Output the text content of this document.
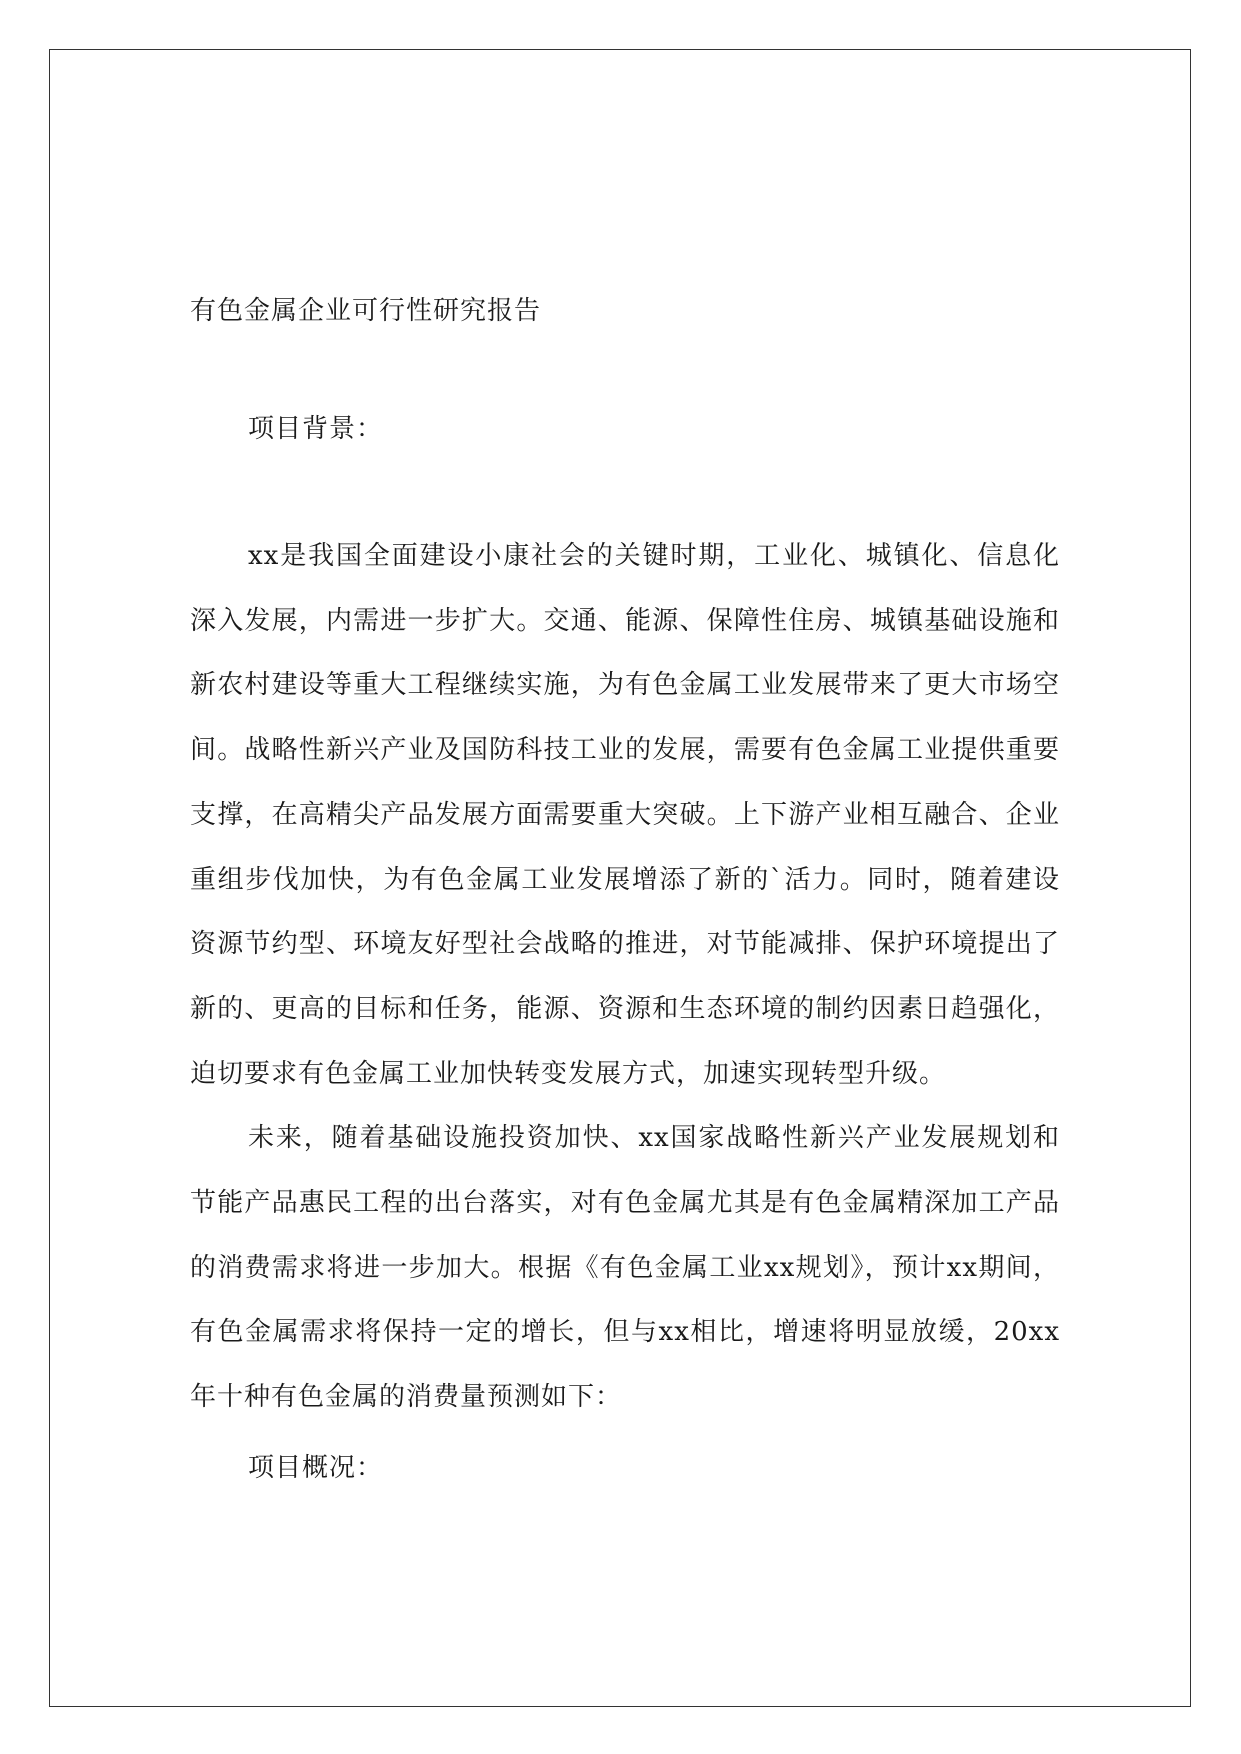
有色金属企业可行性研究报告
项目背景：

xx是我国全面建设小康社会的关键时期，工业化、城镇化、信息化深入发展，内需进一步扩大。交通、能源、保障性住房、城镇基础设施和新农村建设等重大工程继续实施，为有色金属工业发展带来了更大市场空间。战略性新兴产业及国防科技工业的发展，需要有色金属工业提供重要支撑，在高精尖产品发展方面需要重大突破。上下游产业相互融合、企业重组步伐加快，为有色金属工业发展增添了新的`活力。同时，随着建设资源节约型、环境友好型社会战略的推进，对节能减排、保护环境提出了新的、更高的目标和任务，能源、资源和生态环境的制约因素日趋强化，迫切要求有色金属工业加快转变发展方式，加速实现转型升级。

未来，随着基础设施投资加快、xx国家战略性新兴产业发展规划和节能产品惠民工程的出台落实，对有色金属尤其是有色金属精深加工产品的消费需求将进一步加大。根据《有色金属工业xx规划》，预计xx期间，有色金属需求将保持一定的增长，但与xx相比，增速将明显放缓，20xx年十种有色金属的消费量预测如下：

项目概况：
